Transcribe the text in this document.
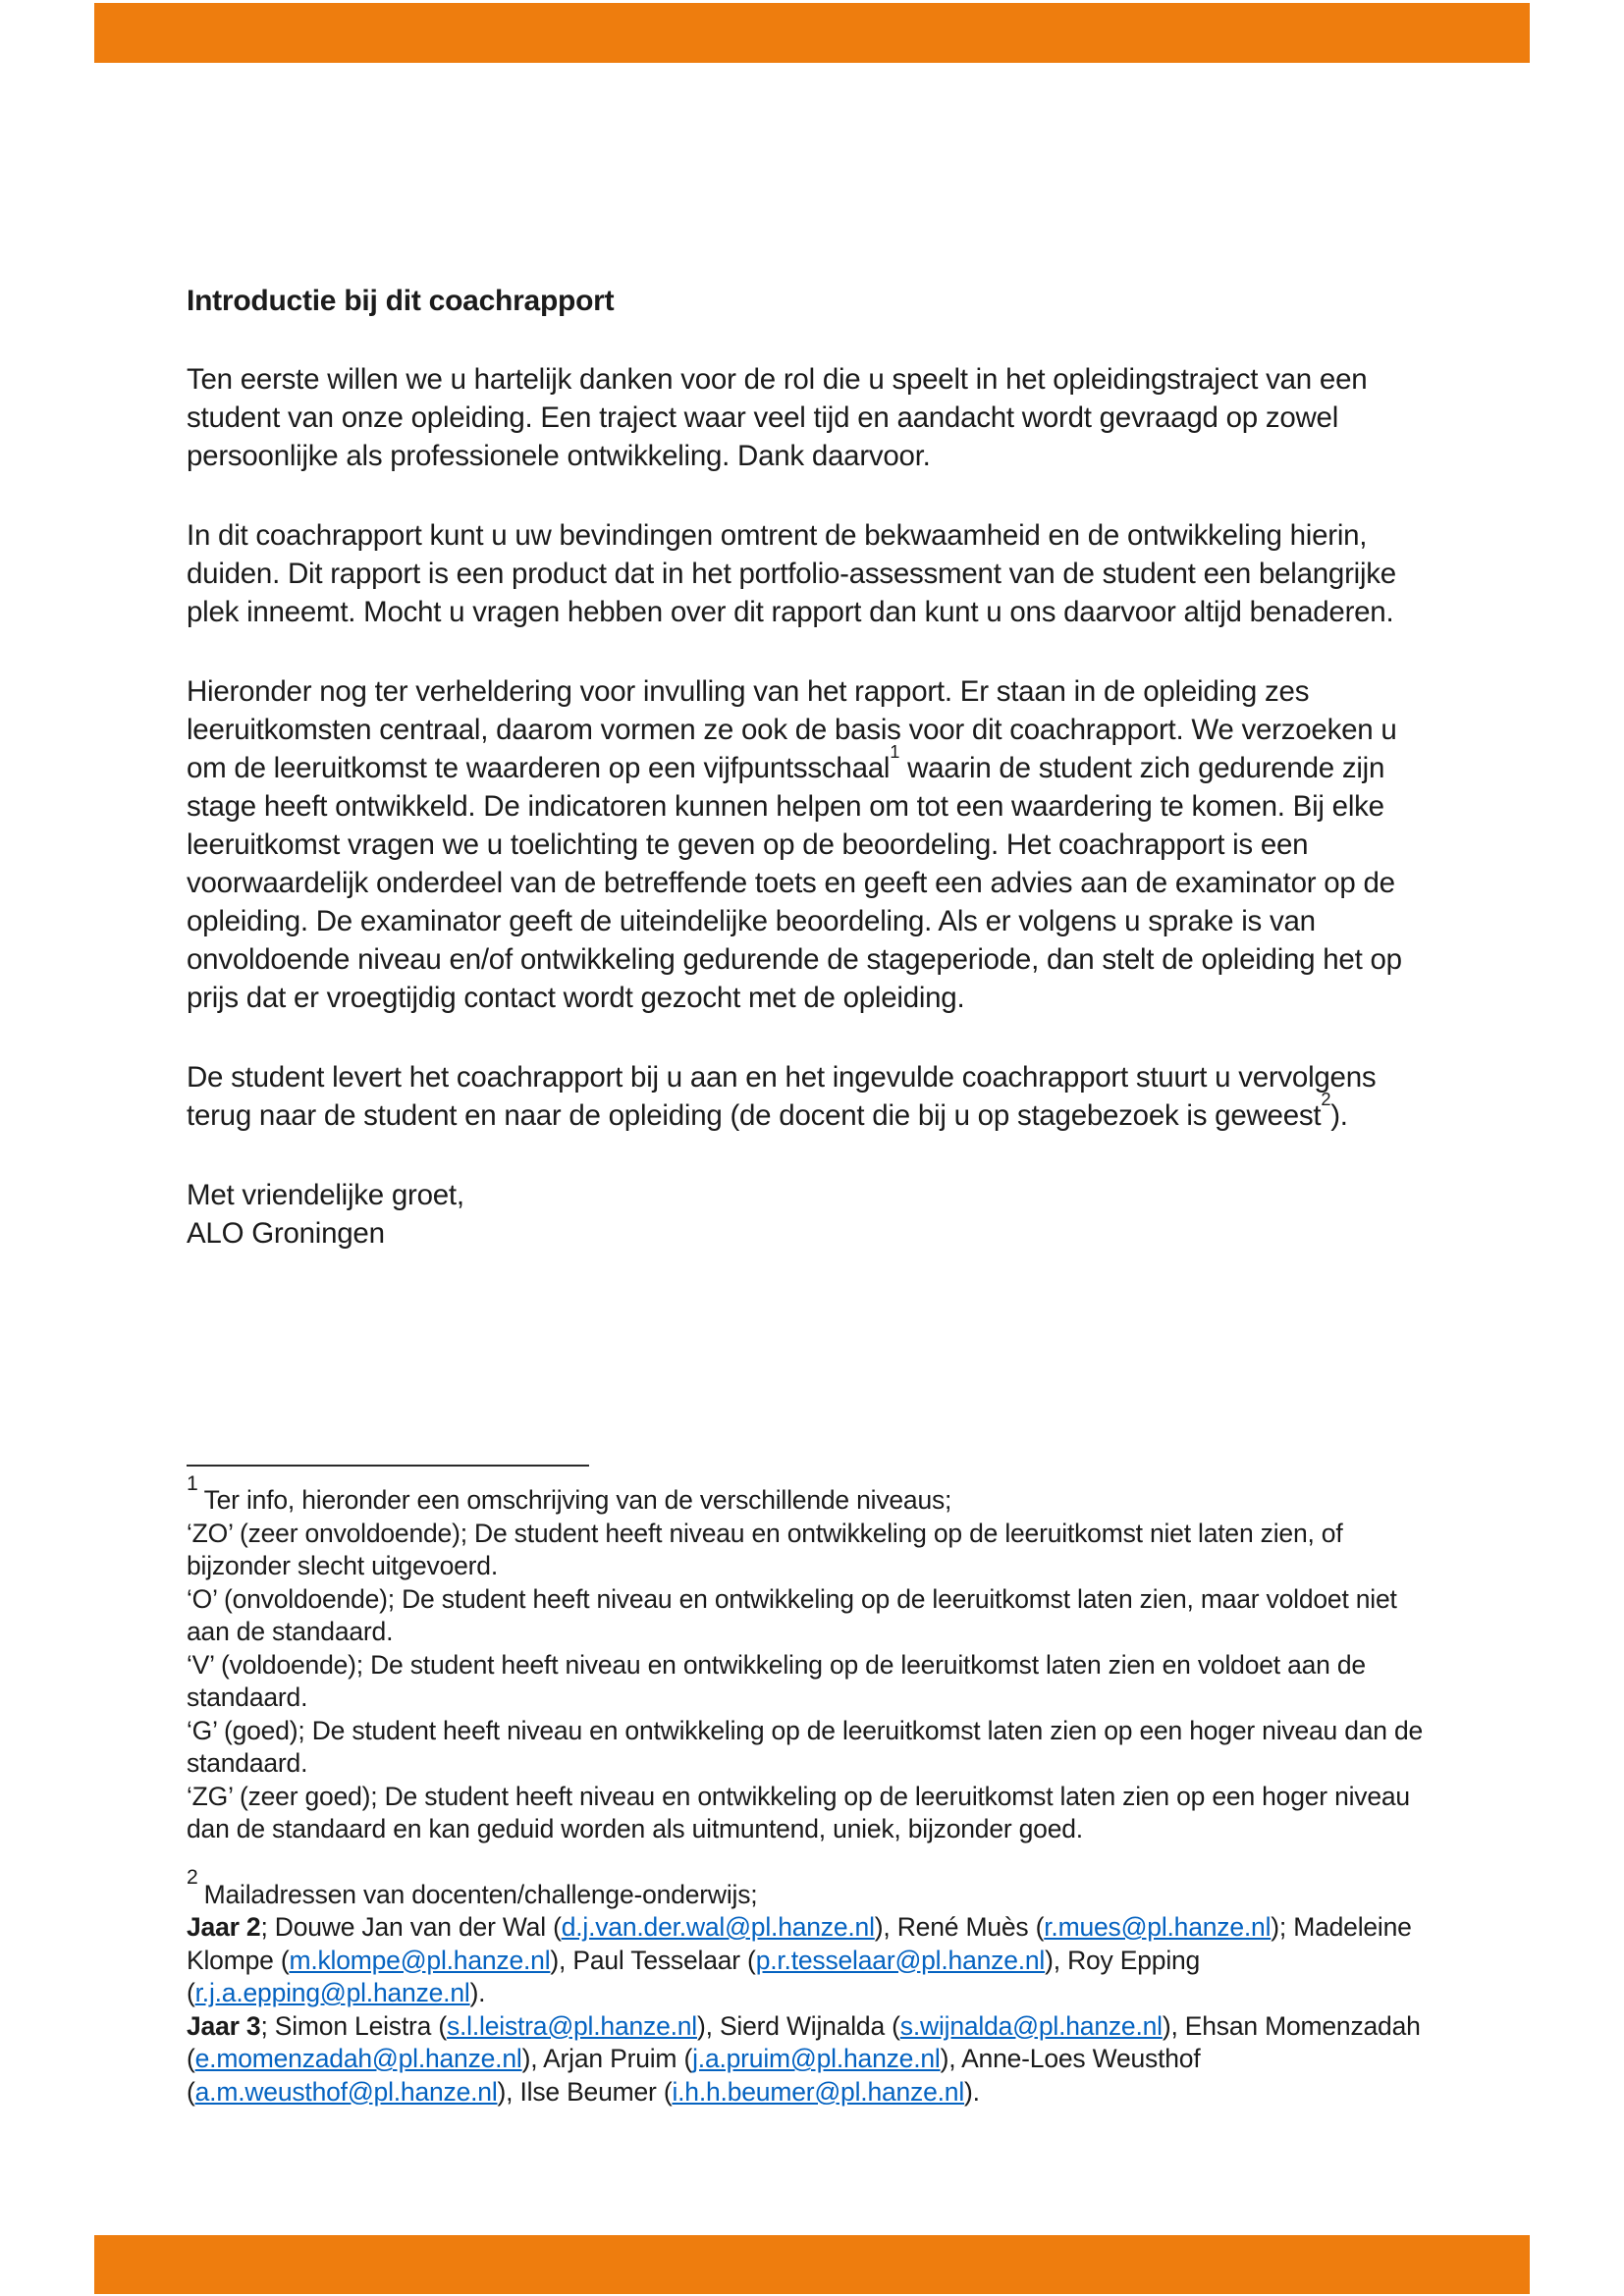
Introductie bij dit coachrapport
Ten eerste willen we u hartelijk danken voor de rol die u speelt in het opleidingstraject van een student van onze opleiding. Een traject waar veel tijd en aandacht wordt gevraagd op zowel persoonlijke als professionele ontwikkeling. Dank daarvoor.
In dit coachrapport kunt u uw bevindingen omtrent de bekwaamheid en de ontwikkeling hierin, duiden. Dit rapport is een product dat in het portfolio-assessment van de student een belangrijke plek inneemt. Mocht u vragen hebben over dit rapport dan kunt u ons daarvoor altijd benaderen.
Hieronder nog ter verheldering voor invulling van het rapport. Er staan in de opleiding zes leeruitkomsten centraal, daarom vormen ze ook de basis voor dit coachrapport. We verzoeken u om de leeruitkomst te waarderen op een vijfpuntsschaal$^1$ waarin de student zich gedurende zijn stage heeft ontwikkeld. De indicatoren kunnen helpen om tot een waardering te komen. Bij elke leeruitkomst vragen we u toelichting te geven op de beoordeling. Het coachrapport is een voorwaardelijk onderdeel van de betreffende toets en geeft een advies aan de examinator op de opleiding. De examinator geeft de uiteindelijke beoordeling. Als er volgens u sprake is van onvoldoende niveau en/of ontwikkeling gedurende de stageperiode, dan stelt de opleiding het op prijs dat er vroegtijdig contact wordt gezocht met de opleiding.
De student levert het coachrapport bij u aan en het ingevulde coachrapport stuurt u vervolgens terug naar de student en naar de opleiding (de docent die bij u op stagebezoek is geweest$^2$).
Met vriendelijke groet,
ALO Groningen
$^1$Ter info, hieronder een omschrijving van de verschillende niveaus;
‘ZO’ (zeer onvoldoende); De student heeft niveau en ontwikkeling op de leeruitkomst niet laten zien, of bijzonder slecht uitgevoerd.
‘O’ (onvoldoende); De student heeft niveau en ontwikkeling op de leeruitkomst laten zien, maar voldoet niet aan de standaard.
‘V’ (voldoende); De student heeft niveau en ontwikkeling op de leeruitkomst laten zien en voldoet aan de standaard.
‘G’ (goed); De student heeft niveau en ontwikkeling op de leeruitkomst laten zien op een hoger niveau dan de standaard.
‘ZG’ (zeer goed); De student heeft niveau en ontwikkeling op de leeruitkomst laten zien op een hoger niveau dan de standaard en kan geduid worden als uitmuntend, uniek, bijzonder goed.
$^2$Mailadressen van docenten/challenge-onderwijs;
Jaar 2; Douwe Jan van der Wal (d.j.van.der.wal@pl.hanze.nl), René Muès (r.mues@pl.hanze.nl); Madeleine Klompe (m.klompe@pl.hanze.nl), Paul Tesselaar (p.r.tesselaar@pl.hanze.nl), Roy Epping (r.j.a.epping@pl.hanze.nl).
Jaar 3; Simon Leistra (s.l.leistra@pl.hanze.nl), Sierd Wijnalda (s.wijnalda@pl.hanze.nl), Ehsan Momenzadah (e.momenzadah@pl.hanze.nl), Arjan Pruim (j.a.pruim@pl.hanze.nl), Anne-Loes Weusthof (a.m.weusthof@pl.hanze.nl), Ilse Beumer (i.h.h.beumer@pl.hanze.nl).
